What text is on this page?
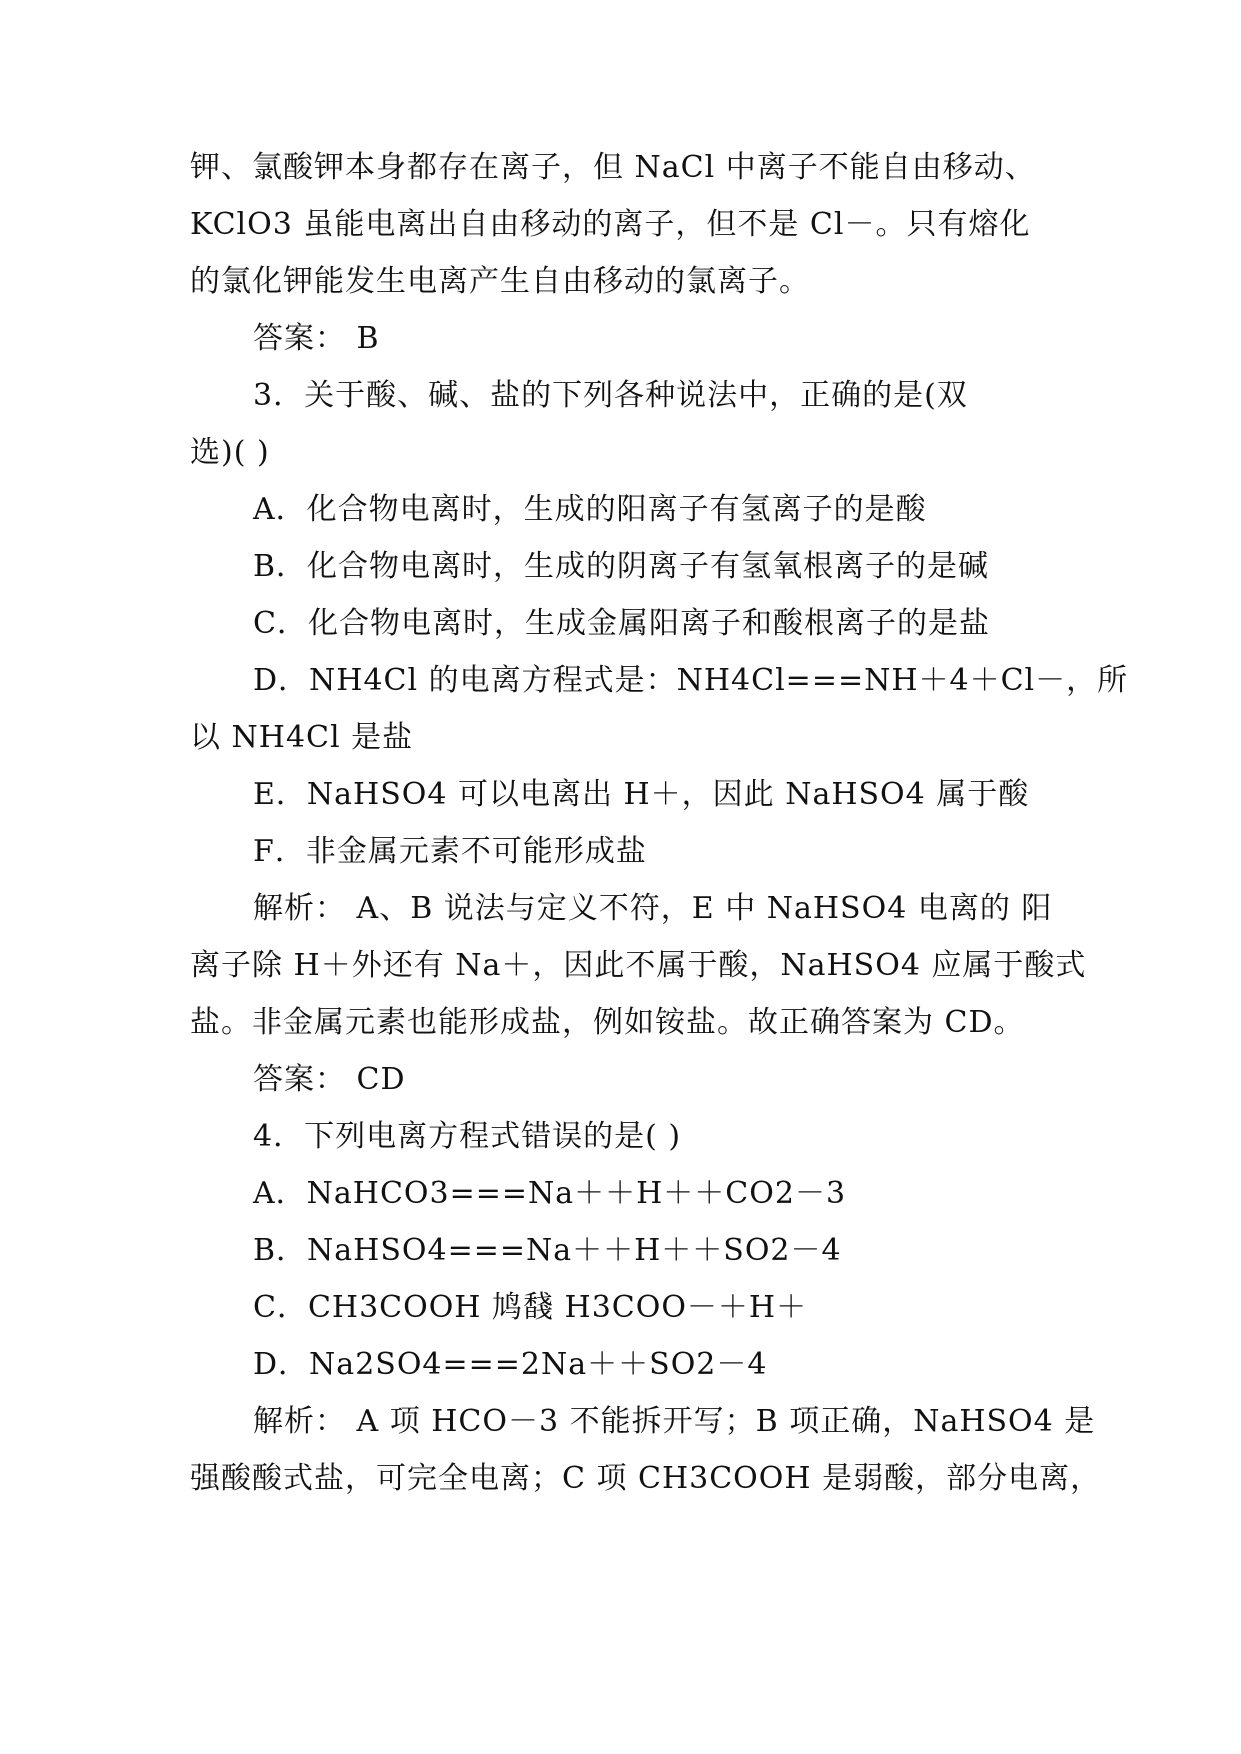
钾、氯酸钾本身都存在离子，但 NaCl 中离子不能自由移动、
KClO3 虽能电离出自由移动的离子，但不是 Cl－。只有熔化
的氯化钾能发生电离产生自由移动的氯离子。
答案： B
3．关于酸、碱、盐的下列各种说法中，正确的是(双
选)( )
A．化合物电离时，生成的阳离子有氢离子的是酸
B．化合物电离时，生成的阴离子有氢氧根离子的是碱
C．化合物电离时，生成金属阳离子和酸根离子的是盐
D．NH4Cl 的电离方程式是：NH4Cl===NH＋4＋Cl－，所
以 NH4Cl 是盐
E．NaHSO4 可以电离出 H＋，因此 NaHSO4 属于酸
F．非金属元素不可能形成盐
解析： A、B 说法与定义不符，E 中 NaHSO4 电离的 阳
离子除 H＋外还有 Na＋，因此不属于酸，NaHSO4 应属于酸式
盐。非金属元素也能形成盐，例如铵盐。故正确答案为 CD。
答案： CD
4．下列电离方程式错误的是( )
A．NaHCO3===Na＋＋H＋＋CO2－3
B．NaHSO4===Na＋＋H＋＋SO2－4
C．CH3COOH 鸠馢 H3COO－＋H＋
D．Na2SO4===2Na＋＋SO2－4
解析： A 项 HCO－3 不能拆开写；B 项正确，NaHSO4 是
强酸酸式盐，可完全电离；C 项 CH3COOH 是弱酸，部分电离，
